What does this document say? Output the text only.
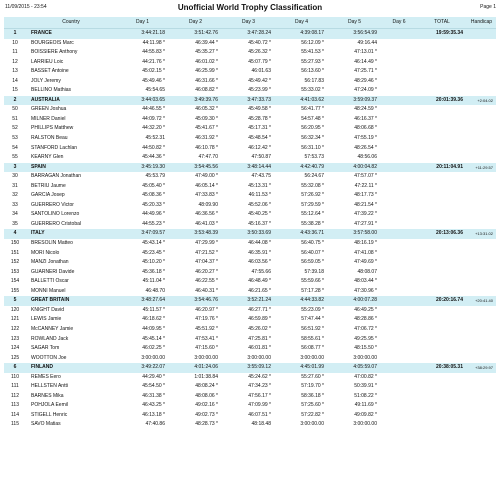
11/09/2015 - 23:54	Page 1
Unofficial World Trophy Classification
	Country	Day 1	Day 2	Day 3	Day 4	Day 5	Day 6	TOTAL	Handicap
1	FRANCE	3:44:21.18	3:51:42.76	3:47:28.24	4:39:08.17	3:56:54.99		19:59:35.34	
10	BOURGEOIS Marc	44:11.98 *	46:39.44 *	45:40.72 *	56:12.09 *	49:16.44			
11	BOISSIERE Anthony	44:55.83 *	45:35.27 *	45:26.32 *	55:41.53 *	47:13.01 *			
12	LARRIEU Loic	44:21.76 *	46:01.02 *	45:07.79 *	55:27.93 *	46:14.49 *			
13	BASSET Antoine	45:02.15 *	46:25.99 *	46:01.63	56:13.60 *	47:25.71 *			
14	JOLY Jeremy	45:49.46 *	46:31.66 *	45:49.42 *	56:17.83	48:29.46 *			
15	BELLINO Mathias	45:54.65	46:08.82 *	45:23.99 *	55:33.02 *	47:24.09 *			
2	AUSTRALIA	3:44:03.65	3:49:39.76	3:47:33.73	4:41:03.62	3:59:09.37		20:01:39.36	+2:04.02
50	GREEN Joshua	44:46.55 *	46:05.32 *	45:49.58 *	56:41.77 *	48:24.59 *			
51	MILNER Daniel	44:09.72 *	45:09.30 *	45:28.78 *	54:57.48 *	46:16.37 *			
52	PHILLIPS Matthew	44:32.20 *	45:41.67 *	45:17.31 *	56:20.95 *	48:06.68 *			
53	RALSTON Beau	45:52.31	46:31.92 *	45:48.54 *	56:32.34 *	47:55.19 *			
54	STANFORD Lachlan	44:50.82 *	46:10.78 *	46:12.42 *	56:31.10 *	48:26.54 *			
55	KEARNY Glen	45:44.36 *	47:47.70	47:50.87	57:53.73	48:56.06			
3	SPAIN	3:45:19.30	3:54:45.56	3:48:14.44	4:42:40.79	4:00:04.82		20:11:04.91	+11:29.57
30	BARRAGAN Jonathan	45:53.79	47:49.00 *	47:43.75	56:24.67	47:57.07 *			
31	BETRIU Jaume	45:05.40 *	46:05.14 *	45:13.31 *	55:32.08 *	47:22.11 *			
32	GARCIA Josep	45:08.36 *	47:33.83 *	46:11.53 *	57:26.92 *	48:17.73 *			
33	GUERRERO Victor	45:20.33 *	48:09.90	45:52.06 *	57:29.59 *	48:21.54 *			
34	SANTOLINO Lorenzo	44:49.96 *	46:36.56 *	45:40.25 *	55:12.64 *	47:39.22 *			
35	GUERRERO Cristobal	44:55.23 *	46:41.03 *	45:16.37 *	55:38.28 *	47:27.91 *			
4	ITALY	3:47:09.57	3:53:48.39	3:50:33.69	4:43:36.71	3:57:58.00		20:13:06.36	+13:31.02
150	BRESOLIN Matteo	45:43.14 *	47:29.99 *	46:44.08 *	56:40.75 *	48:16.19 *			
151	MORI Nicolo	45:23.45 *	47:21.52 *	46:35.91 *	56:40.07 *	47:41.08 *			
152	MANZI Jonathan	45:10.20 *	47:04.37 *	46:03.56 *	56:59.05 *	47:49.69 *			
153	GUARNERI Davide	45:36.18 *	46:20.27 *	47:55.66	57:39.18	48:08.07			
154	BALLETTI Oscar	45:11.04 *	46:22.55 *	46:48.49 *	55:59.66 *	48:03.44 *			
155	MONNI Manuel	46:48.70	46:40.31 *	46:21.65 *	57:17.28 *	47:30.96 *			
5	GREAT BRITAIN	3:48:27.64	3:54:46.76	3:52:21.24	4:44:33.82	4:00:07.28		20:20:16.74	+20:41.40
120	KNIGHT David	45:11.57 *	46:20.97 *	46:27.71 *	55:23.09 *	46:49.25 *			
121	LEWIS Jamie	46:18.62 *	47:19.76 *	46:59.89 *	57:47.44 *	48:28.86 *			
122	McCANNEY Jamie	44:09.95 *	45:51.92 *	45:26.02 *	56:51.92 *	47:06.72 *			
123	ROWLAND Jack	45:45.14 *	47:53.41 *	47:25.81 *	58:55.61 *	49:25.95 *			
124	SAGAR Tom	46:02.25 *	47:15.60 *	46:01.81 *	56:08.77 *	48:15.50 *			
125	WOOTTON Joe	3:00:00.00	3:00:00.00	3:00:00.00	3:00:00.00	3:00:00.00			
6	FINLAND	3:49:22.07	4:01:24.06	3:55:09.12	4:45:01.99	4:05:59.07		20:38:05.31	+38:29.97
110	REMES Eero	44:29.40 *	1:01:38.84	45:24.62 *	55:27.60 *	47:00.82 *			
111	HELLSTEN Antti	45:54.50 *	48:08.24 *	47:34.23 *	57:19.70 *	50:39.91 *			
112	BARNES Mika	46:31.38 *	48:08.06 *	47:56.17 *	58:36.18 *	51:08.22 *			
113	POHJOLA Eemil	46:43.25 *	49:02.16 *	47:09.99 *	57:25.60 *	49:11.69 *			
114	STIGELL Henric	46:13.18 *	49:02.73 *	46:07.51 *	57:22.82 *	49:09.82 *			
115	SAVO Matias	47:40.86	48:28.73 *	48:18.48	3:00:00.00	3:00:00.00			
